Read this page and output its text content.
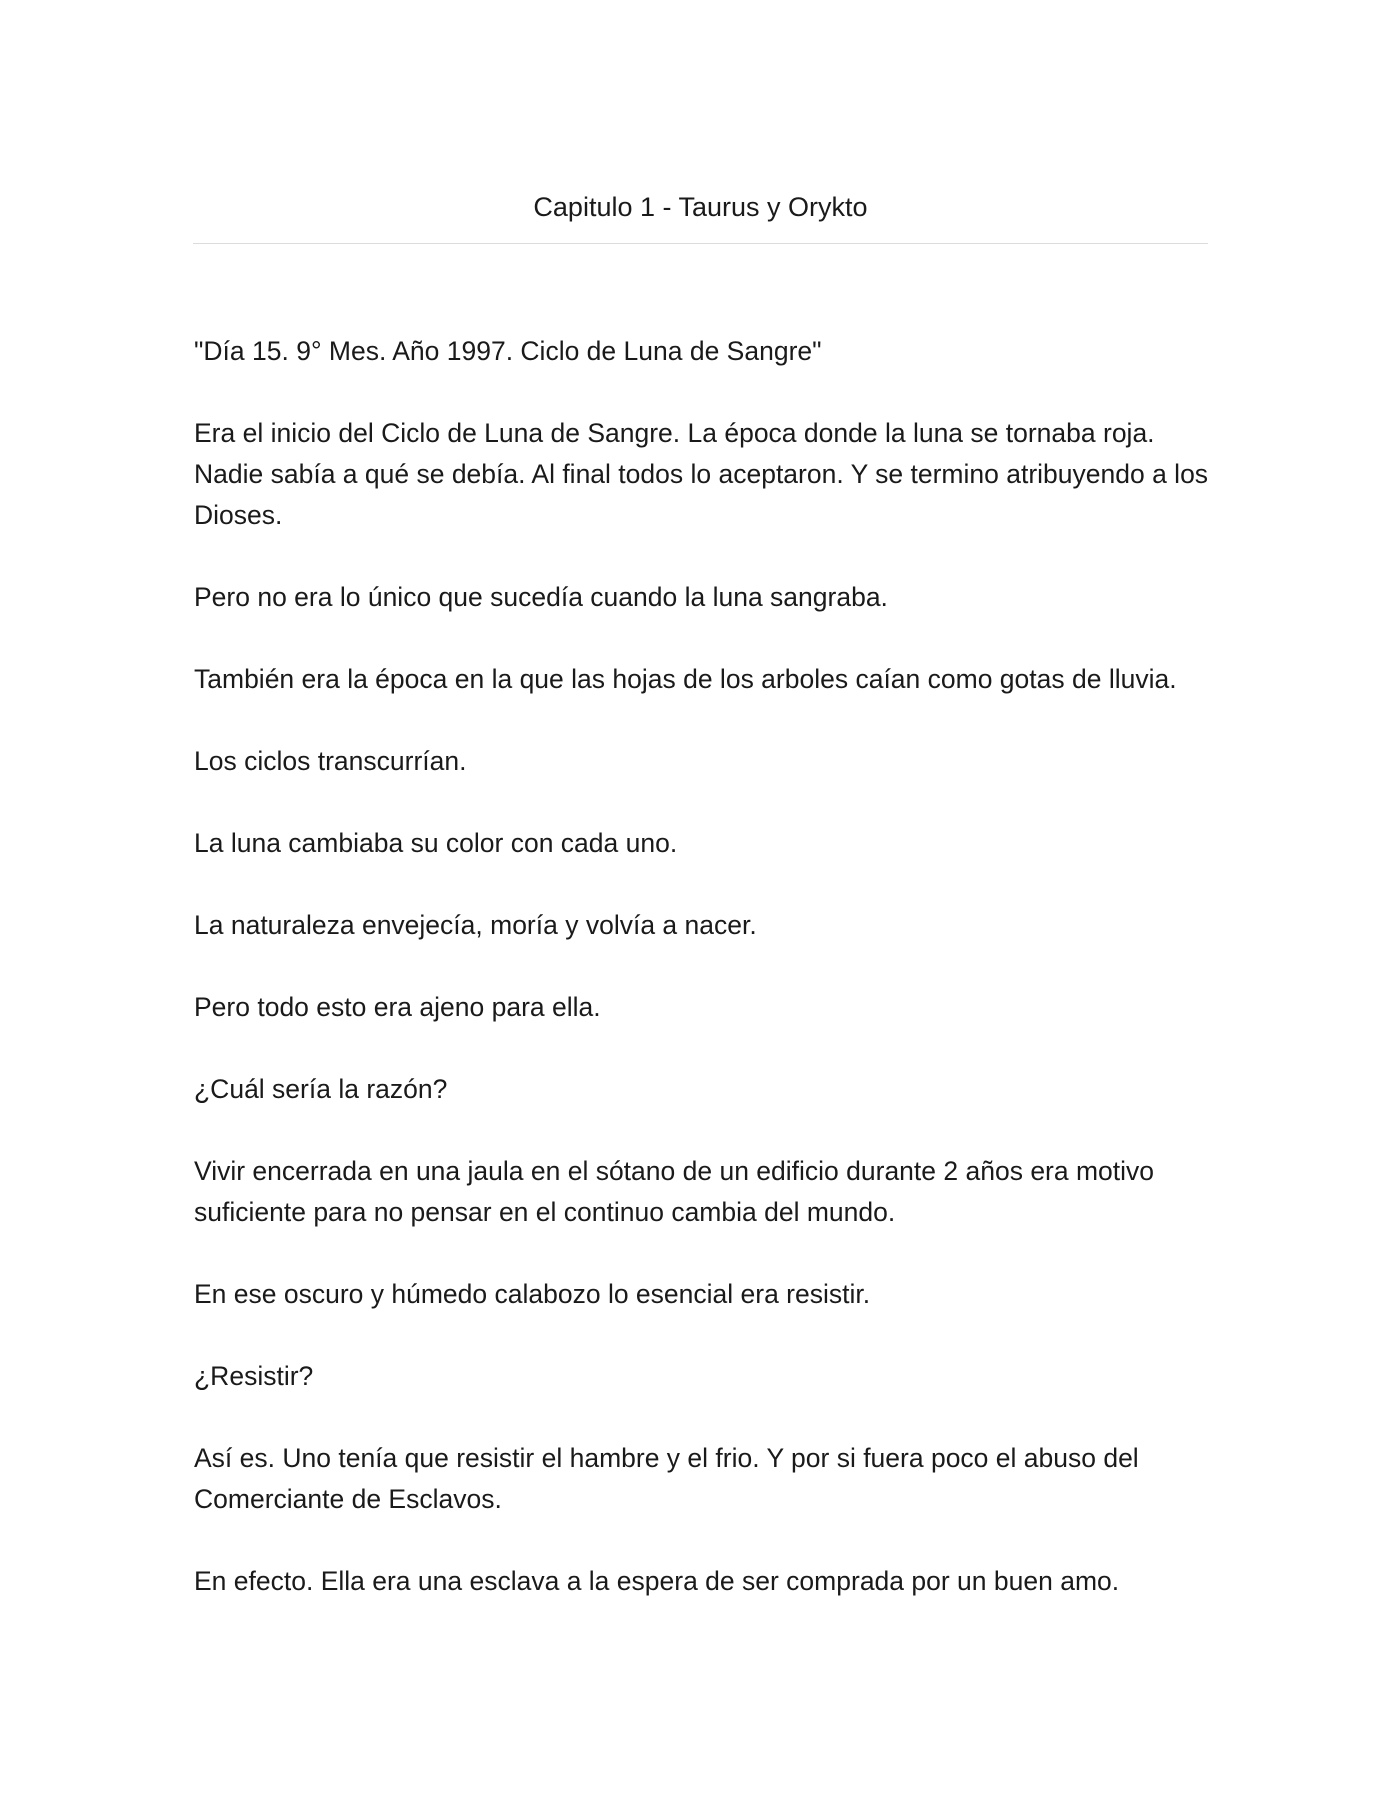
Capitulo 1 - Taurus y Orykto

"Día 15. 9° Mes. Año 1997. Ciclo de Luna de Sangre"

Era el inicio del Ciclo de Luna de Sangre. La época donde la luna se tornaba roja. Nadie sabía a qué se debía. Al final todos lo aceptaron. Y se termino atribuyendo a los Dioses.

Pero no era lo único que sucedía cuando la luna sangraba.

También era la época en la que las hojas de los arboles caían como gotas de lluvia.

Los ciclos transcurrían.

La luna cambiaba su color con cada uno.

La naturaleza envejecía, moría y volvía a nacer.

Pero todo esto era ajeno para ella.

¿Cuál sería la razón?

Vivir encerrada en una jaula en el sótano de un edificio durante 2 años era motivo suficiente para no pensar en el continuo cambia del mundo.

En ese oscuro y húmedo calabozo lo esencial era resistir.

¿Resistir?

Así es. Uno tenía que resistir el hambre y el frio. Y por si fuera poco el abuso del Comerciante de Esclavos.

En efecto. Ella era una esclava a la espera de ser comprada por un buen amo.
